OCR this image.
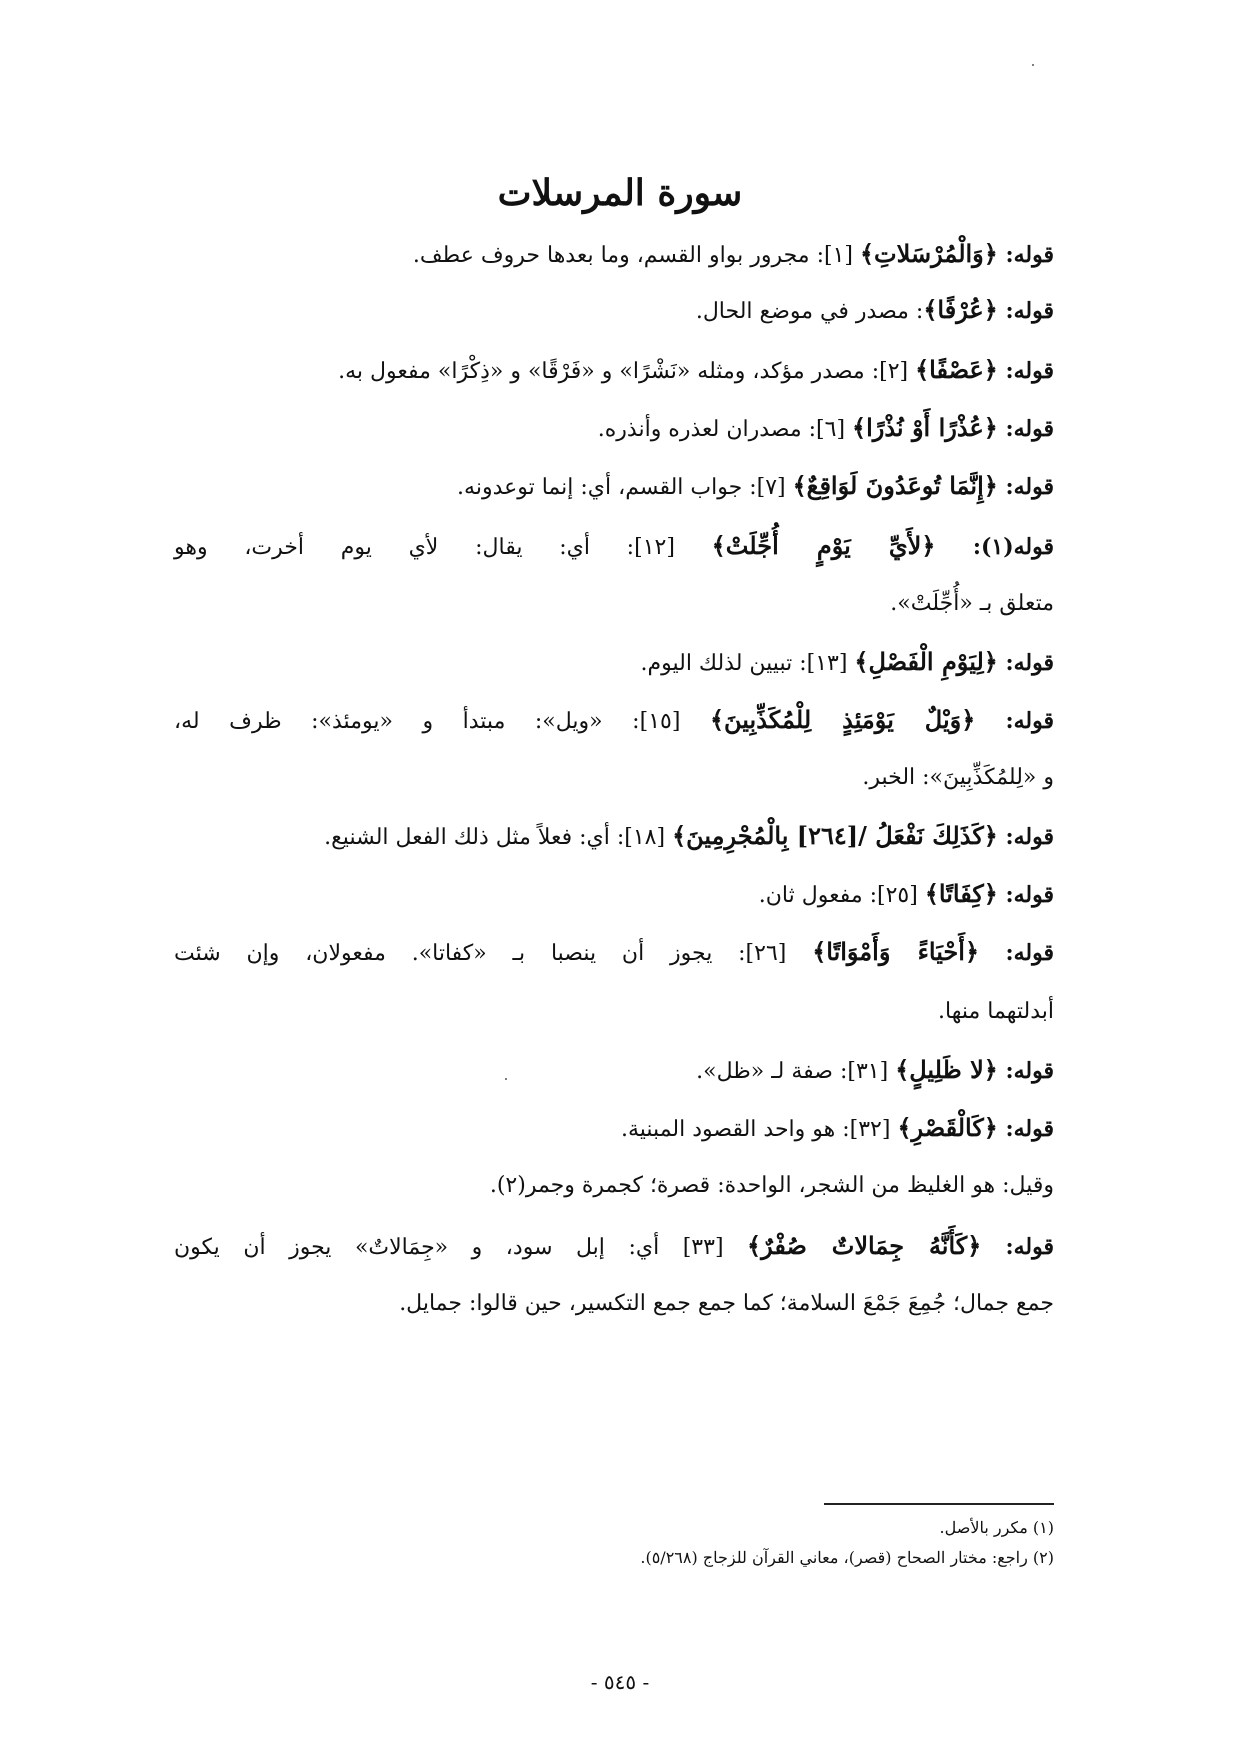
سورة المرسلات
قوله: ﴿وَالْمُرْسَلاتِ﴾ [١]: مجرور بواو القسم، وما بعدها حروف عطف.
قوله: ﴿عُرْفًا﴾: مصدر في موضع الحال.
قوله: ﴿عَصْفًا﴾ [٢]: مصدر مؤكد، ومثله «نَشْرًا» و «فَرْقًا» و «ذِكْرًا» مفعول به.
قوله: ﴿عُذْرًا أَوْ نُذْرًا﴾ [٦]: مصدران لعذره وأنذره.
قوله: ﴿إِنَّمَا تُوعَدُونَ لَوَاقِعٌ﴾ [٧]: جواب القسم، أي: إنما توعدونه.
قوله(١): ﴿لأَيِّ يَوْمٍ أُجِّلَتْ﴾ [١٢]: أي: يقال: لأي يوم أخرت، وهو
متعلق بـ «أُجِّلَتْ».
قوله: ﴿لِيَوْمِ الْفَصْلِ﴾ [١٣]: تبيين لذلك اليوم.
قوله: ﴿وَيْلٌ يَوْمَئِذٍ لِلْمُكَذِّبِينَ﴾ [١٥]: «ويل»: مبتدأ و «يومئذ»: ظرف له،
و «لِلمُكَذِّبِينَ»: الخبر.
قوله: ﴿كَذَلِكَ نَفْعَلُ /[٢٦٤] بِالْمُجْرِمِينَ﴾ [١٨]: أي: فعلاً مثل ذلك الفعل الشنيع.
قوله: ﴿كِفَاتًا﴾ [٢٥]: مفعول ثان.
قوله: ﴿أَحْيَاءً وَأَمْوَاتًا﴾ [٢٦]: يجوز أن ينصبا بـ «كفاتا». مفعولان، وإن شئت
أبدلتهما منها.
قوله: ﴿لا ظَلِيلٍ﴾ [٣١]: صفة لـ «ظل».
قوله: ﴿كَالْقَصْرِ﴾ [٣٢]: هو واحد القصود المبنية.
وقيل: هو الغليظ من الشجر، الواحدة: قصرة؛ كجمرة وجمر(٢).
قوله: ﴿كَأَنَّهُ جِمَالاتٌ صُفْرٌ﴾ [٣٣] أي: إبل سود، و «جِمَالاتٌ» يجوز أن يكون
جمع جمال؛ جُمِعَ جَمْعَ السلامة؛ كما جمع جمع التكسير، حين قالوا: جمايل.
(١) مكرر بالأصل.
(٢) راجع: مختار الصحاح (قصر)، معاني القرآن للزجاج (٥/٢٦٨).
- ٥٤٥ -
